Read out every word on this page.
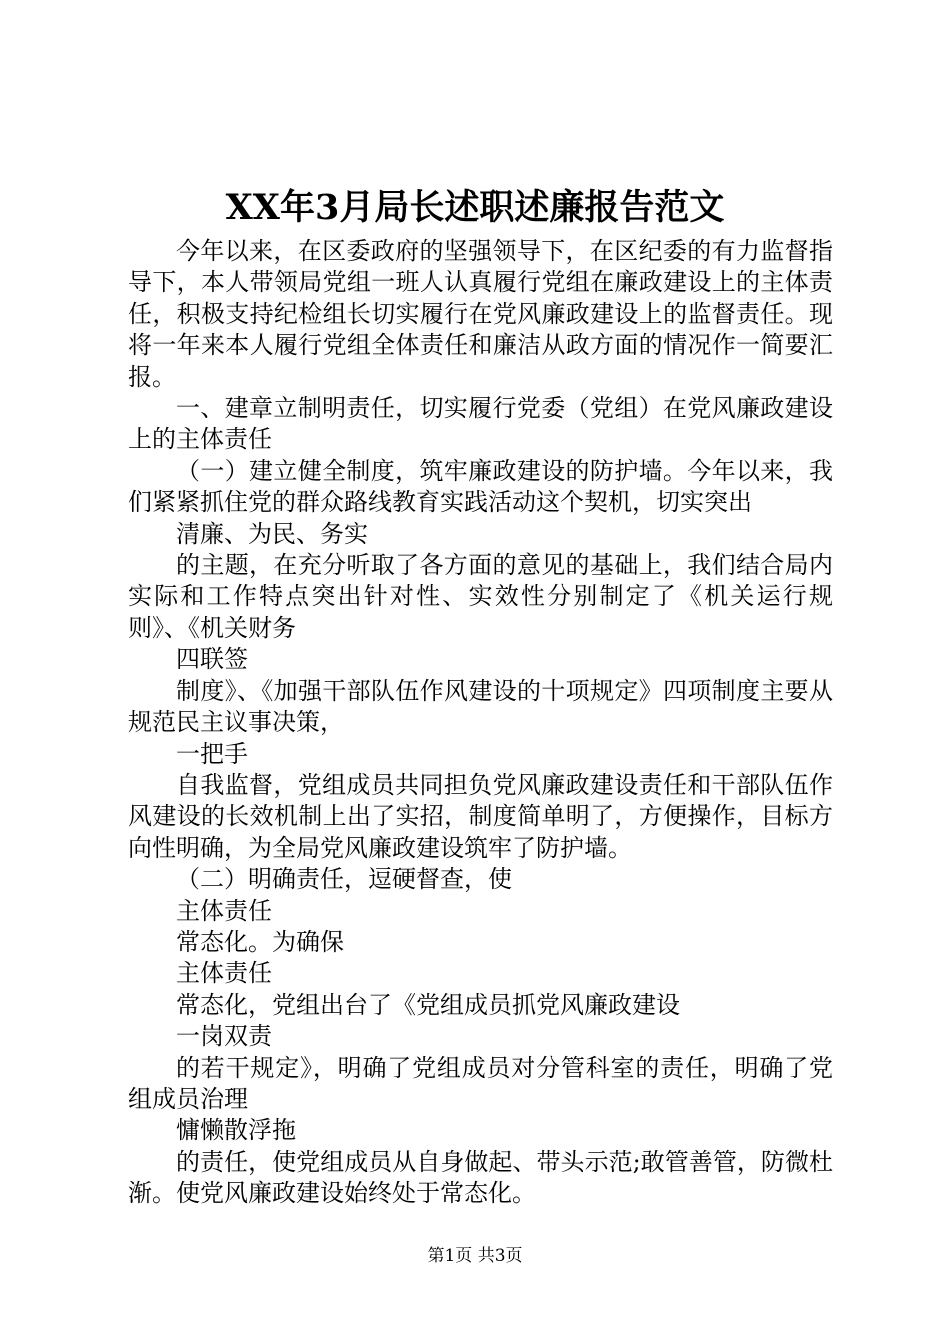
XX年3月局长述职述廉报告范文

今年以来，在区委政府的坚强领导下，在区纪委的有力监督指导下，本人带领局党组一班人认真履行党组在廉政建设上的主体责任，积极支持纪检组长切实履行在党风廉政建设上的监督责任。现将一年来本人履行党组全体责任和廉洁从政方面的情况作一简要汇报。

一、建章立制明责任，切实履行党委（党组）在党风廉政建设上的主体责任

（一）建立健全制度，筑牢廉政建设的防护墙。今年以来，我们紧紧抓住党的群众路线教育实践活动这个契机，切实突出

清廉、为民、务实

的主题，在充分听取了各方面的意见的基础上，我们结合局内实际和工作特点突出针对性、实效性分别制定了《机关运行规则》、《机关财务

四联签

制度》、《加强干部队伍作风建设的十项规定》四项制度主要从规范民主议事决策，

一把手

自我监督，党组成员共同担负党风廉政建设责任和干部队伍作风建设的长效机制上出了实招，制度简单明了，方便操作，目标方向性明确，为全局党风廉政建设筑牢了防护墙。

（二）明确责任，逗硬督查，使

主体责任

常态化。为确保

主体责任

常态化，党组出台了《党组成员抓党风廉政建设

一岗双责

的若干规定》，明确了党组成员对分管科室的责任，明确了党组成员治理

慵懒散浮拖

的责任，使党组成员从自身做起、带头示范;敢管善管，防微杜渐。使党风廉政建设始终处于常态化。

第1页 共3页
